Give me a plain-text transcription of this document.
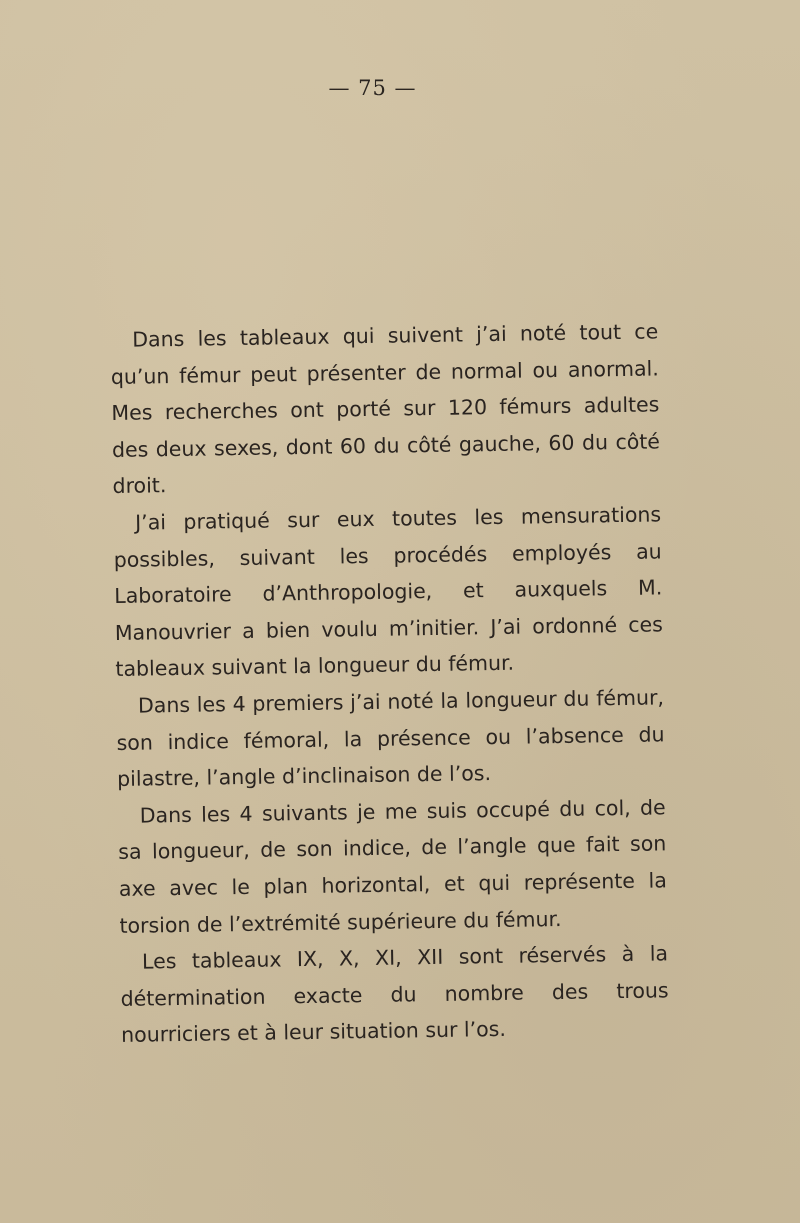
— 75 —

Dans les tableaux qui suivent j’ai noté tout ce qu’un fémur peut présenter de normal ou anormal. Mes recherches ont porté sur 120 fémurs adultes des deux sexes, dont 60 du côté gauche, 60 du côté droit.

J’ai pratiqué sur eux toutes les mensurations possibles, suivant les procédés employés au Laboratoire d’Anthropologie, et auxquels M. Manouvrier a bien voulu m’initier. J’ai ordonné ces tableaux suivant la longueur du fémur.

Dans les 4 premiers j’ai noté la longueur du fémur, son indice fémoral, la présence ou l’absence du pilastre, l’angle d’inclinaison de l’os.

Dans les 4 suivants je me suis occupé du col, de sa longueur, de son indice, de l’angle que fait son axe avec le plan horizontal, et qui représente la torsion de l’extrémité supérieure du fémur.

Les tableaux IX, X, XI, XII sont réservés à la détermination exacte du nombre des trous nourriciers et à leur situation sur l’os.
